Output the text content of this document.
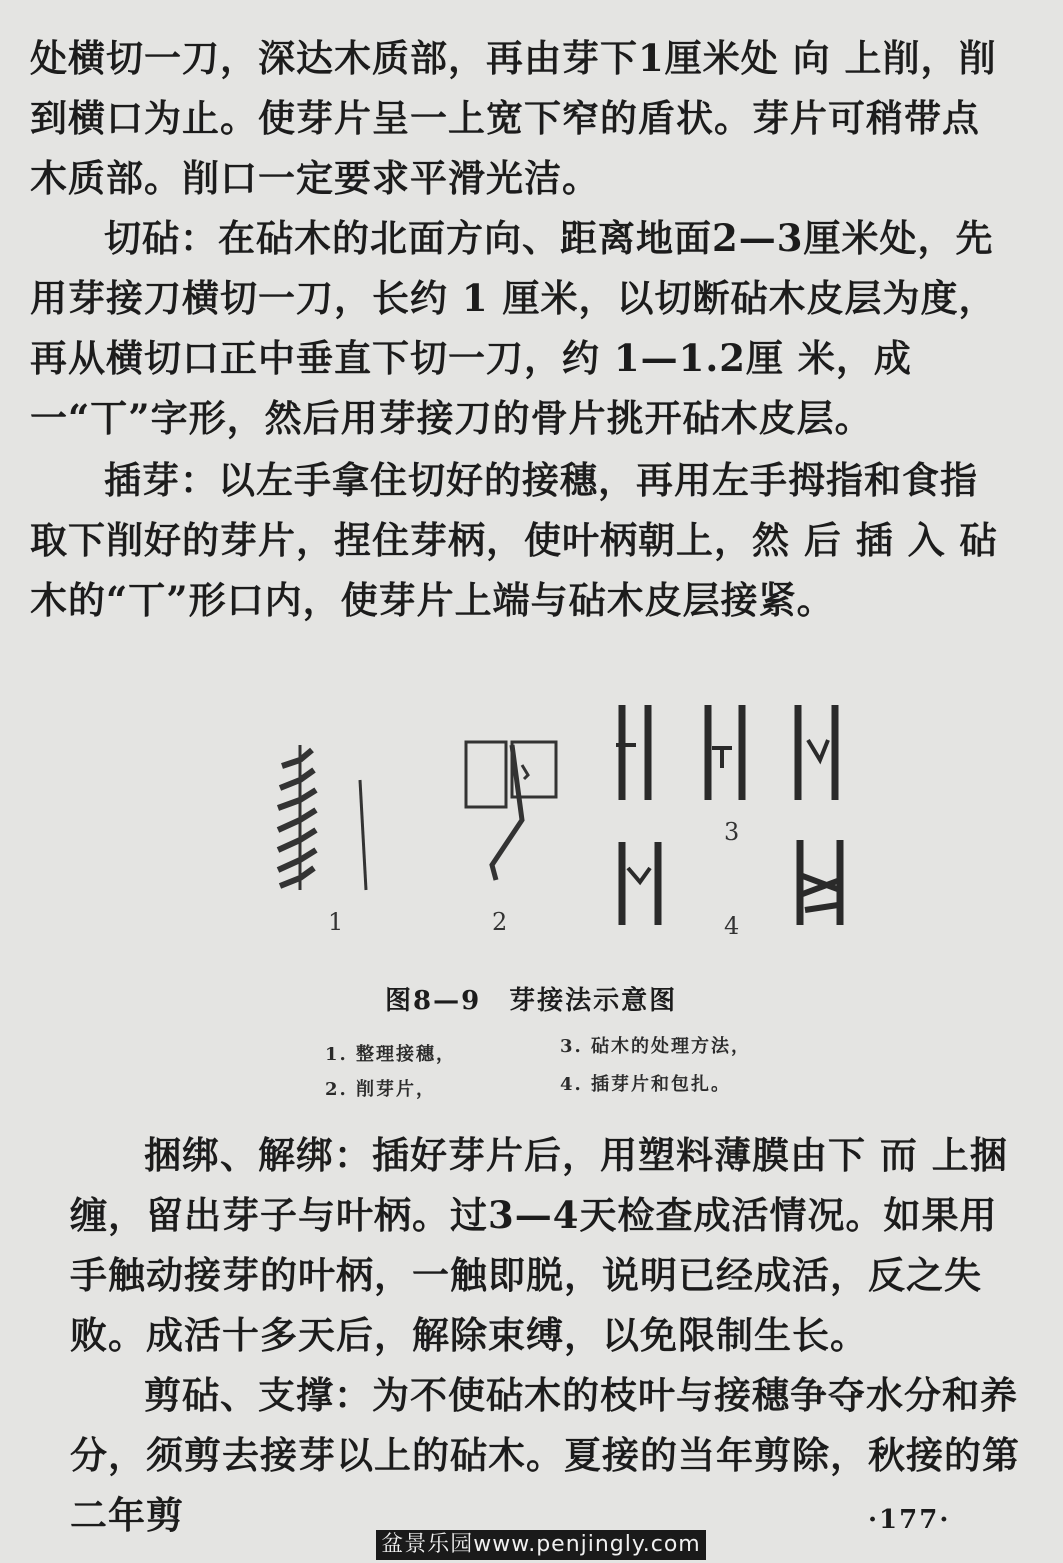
处横切一刀，深达木质部，再由芽下1厘米处 向 上削，削到横口为止。使芽片呈一上宽下窄的盾状。芽片可稍带点木质部。削口一定要求平滑光洁。

切砧：在砧木的北面方向、距离地面2—3厘米处，先用芽接刀横切一刀，长约 1 厘米，以切断砧木皮层为度，再从横切口正中垂直下切一刀，约 1—1.2厘 米，成一“丅”字形，然后用芽接刀的骨片挑开砧木皮层。

插芽：以左手拿住切好的接穗，再用左手拇指和食指取下削好的芽片，捏住芽柄，使叶柄朝上，然 后 插 入 砧木的“丅”形口内，使芽片上端与砧木皮层接紧。

1	2
3
4
图8—9　芽接法示意图
1. 整理接穗，	3. 砧木的处理方法，
2. 削芽片，	4. 插芽片和包扎。

捆绑、解绑：插好芽片后，用塑料薄膜由下 而 上捆缠，留出芽子与叶柄。过3—4天检查成活情况。如果用手触动接芽的叶柄，一触即脱，说明已经成活，反之失败。成活十多天后，解除束缚，以免限制生长。

剪砧、支撑：为不使砧木的枝叶与接穗争夺水分和养分，须剪去接芽以上的砧木。夏接的当年剪除，秋接的第二年剪	·177·
盆景乐园www.penjingly.com
